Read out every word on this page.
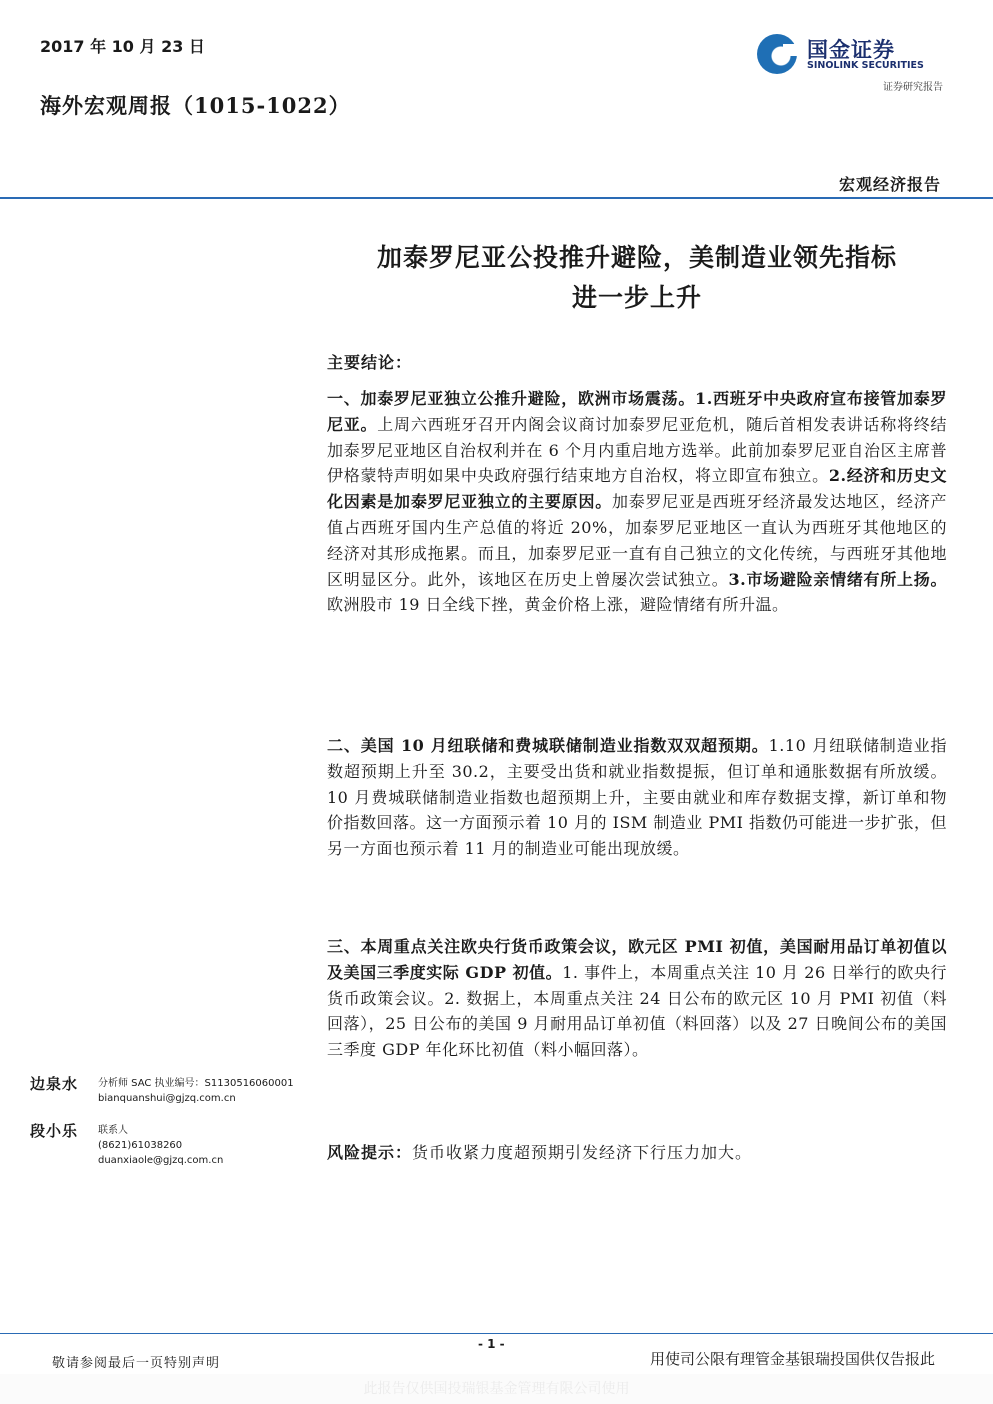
2017 年 10 月 23 日
海外宏观周报（1015-1022）
国金证券
SINOLINK SECURITIES
证券研究报告
宏观经济报告
加泰罗尼亚公投推升避险，美制造业领先指标
进一步上升
主要结论：
一、加泰罗尼亚独立公推升避险，欧洲市场震荡。1.西班牙中央政府宣布接管加泰罗尼亚。上周六西班牙召开内阁会议商讨加泰罗尼亚危机，随后首相发表讲话称将终结加泰罗尼亚地区自治权利并在 6 个月内重启地方选举。此前加泰罗尼亚自治区主席普伊格蒙特声明如果中央政府强行结束地方自治权，将立即宣布独立。2.经济和历史文化因素是加泰罗尼亚独立的主要原因。加泰罗尼亚是西班牙经济最发达地区，经济产值占西班牙国内生产总值的将近 20%，加泰罗尼亚地区一直认为西班牙其他地区的经济对其形成拖累。而且，加泰罗尼亚一直有自己独立的文化传统，与西班牙其他地区明显区分。此外，该地区在历史上曾屡次尝试独立。3.市场避险亲情绪有所上扬。欧洲股市 19 日全线下挫，黄金价格上涨，避险情绪有所升温。
二、美国 10 月纽联储和费城联储制造业指数双双超预期。1.10 月纽联储制造业指数超预期上升至 30.2，主要受出货和就业指数提振，但订单和通胀数据有所放缓。10 月费城联储制造业指数也超预期上升，主要由就业和库存数据支撑，新订单和物价指数回落。这一方面预示着 10 月的 ISM 制造业 PMI 指数仍可能进一步扩张，但另一方面也预示着 11 月的制造业可能出现放缓。
三、本周重点关注欧央行货币政策会议，欧元区 PMI 初值，美国耐用品订单初值以及美国三季度实际 GDP 初值。1. 事件上，本周重点关注 10 月 26 日举行的欧央行货币政策会议。2. 数据上，本周重点关注 24 日公布的欧元区 10 月 PMI 初值（料回落），25 日公布的美国 9 月耐用品订单初值（料回落）以及 27 日晚间公布的美国三季度 GDP 年化环比初值（料小幅回落）。
风险提示：货币收紧力度超预期引发经济下行压力加大。
边泉水 分析师 SAC 执业编号：S1130516060001
bianquanshui@gjzq.com.cn
段小乐 联系人
(8621)61038260
duanxiaole@gjzq.com.cn
- 1 -
敬请参阅最后一页特别声明	用使司公限有理管金基银瑞投国供仅告报此
此报告仅供国投瑞银基金管理有限公司使用
